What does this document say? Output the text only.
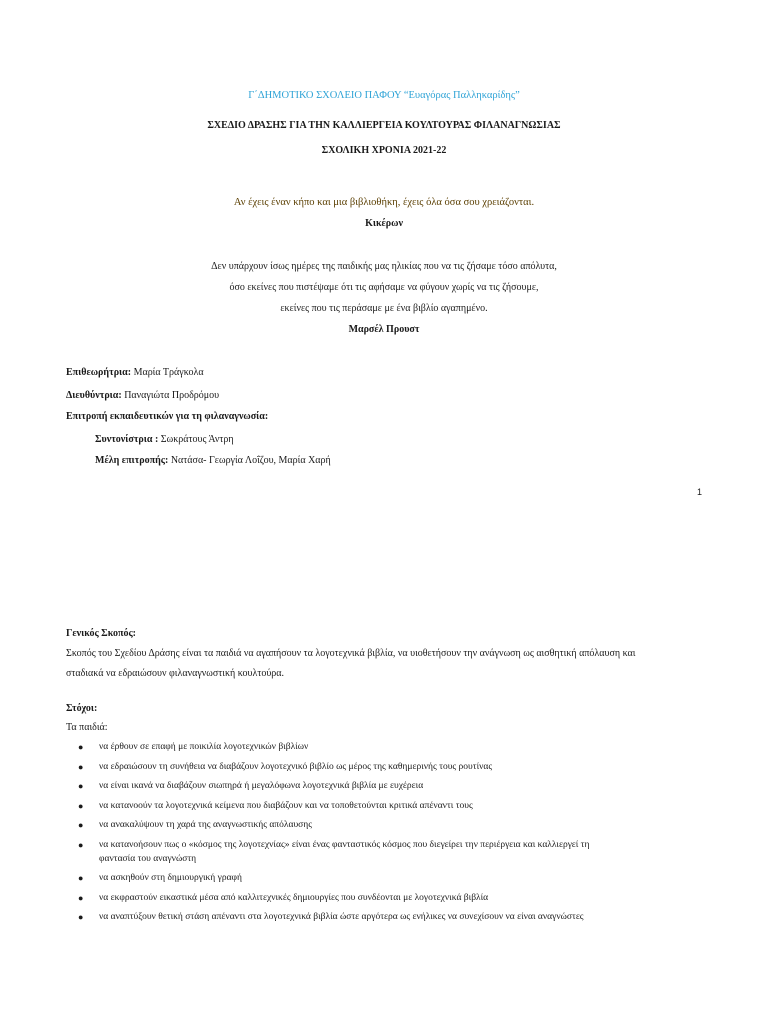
Γ΄ΔΗΜΟΤΙΚΟ ΣΧΟΛΕΙΟ ΠΑΦΟΥ “Ευαγόρας Παλληκαρίδης”
ΣΧΕΔΙΟ ΔΡΑΣΗΣ ΓΙΑ ΤΗΝ ΚΑΛΛΙΕΡΓΕΙΑ ΚΟΥΛΤΟΥΡΑΣ ΦΙΛΑΝΑΓΝΩΣΙΑΣ
ΣΧΟΛΙΚΗ ΧΡΟΝΙΑ 2021-22
Αν έχεις έναν κήπο και μια βιβλιοθήκη, έχεις όλα όσα σου χρειάζονται.
Κικέρων
Δεν υπάρχουν ίσως ημέρες της παιδικής μας ηλικίας που να τις ζήσαμε τόσο απόλυτα,
όσο εκείνες που πιστέψαμε ότι τις αφήσαμε να φύγουν χωρίς να τις ζήσουμε,
εκείνες που τις περάσαμε με ένα βιβλίο αγαπημένο.
Μαρσέλ Προυστ
Επιθεωρήτρια: Μαρία Τράγκολα
Διευθύντρια: Παναγιώτα Προδρόμου
Επιτροπή εκπαιδευτικών για τη φιλαναγνωσία:
Συντονίστρια : Σωκράτους Άντρη
Μέλη επιτροπής: Νατάσα- Γεωργία Λοΐζου, Μαρία Χαρή
1
Γενικός Σκοπός:
Σκοπός του Σχεδίου Δράσης είναι τα παιδιά να αγαπήσουν τα λογοτεχνικά βιβλία, να υιοθετήσουν την ανάγνωση ως αισθητική απόλαυση και
σταδιακά να εδραιώσουν φιλαναγνωστική κουλτούρα.
Στόχοι:
Τα παιδιά:
● να έρθουν σε επαφή με ποικιλία λογοτεχνικών βιβλίων
● να εδραιώσουν τη συνήθεια να διαβάζουν λογοτεχνικό βιβλίο ως μέρος της καθημερινής τους ρουτίνας
● να είναι ικανά να διαβάζουν σιωπηρά ή μεγαλόφωνα λογοτεχνικά βιβλία με ευχέρεια
● να κατανοούν τα λογοτεχνικά κείμενα που διαβάζουν και να τοποθετούνται κριτικά απέναντι τους
● να ανακαλύψουν τη χαρά της αναγνωστικής απόλαυσης
● να κατανοήσουν πως ο «κόσμος της λογοτεχνίας» είναι ένας φανταστικός κόσμος που διεγείρει την περιέργεια και καλλιεργεί τη
φαντασία του αναγνώστη
● να ασκηθούν στη δημιουργική γραφή
● να εκφραστούν εικαστικά μέσα από καλλιτεχνικές δημιουργίες που συνδέονται με λογοτεχνικά βιβλία
● να αναπτύξουν θετική στάση απέναντι στα λογοτεχνικά βιβλία ώστε αργότερα ως ενήλικες να συνεχίσουν να είναι αναγνώστες
